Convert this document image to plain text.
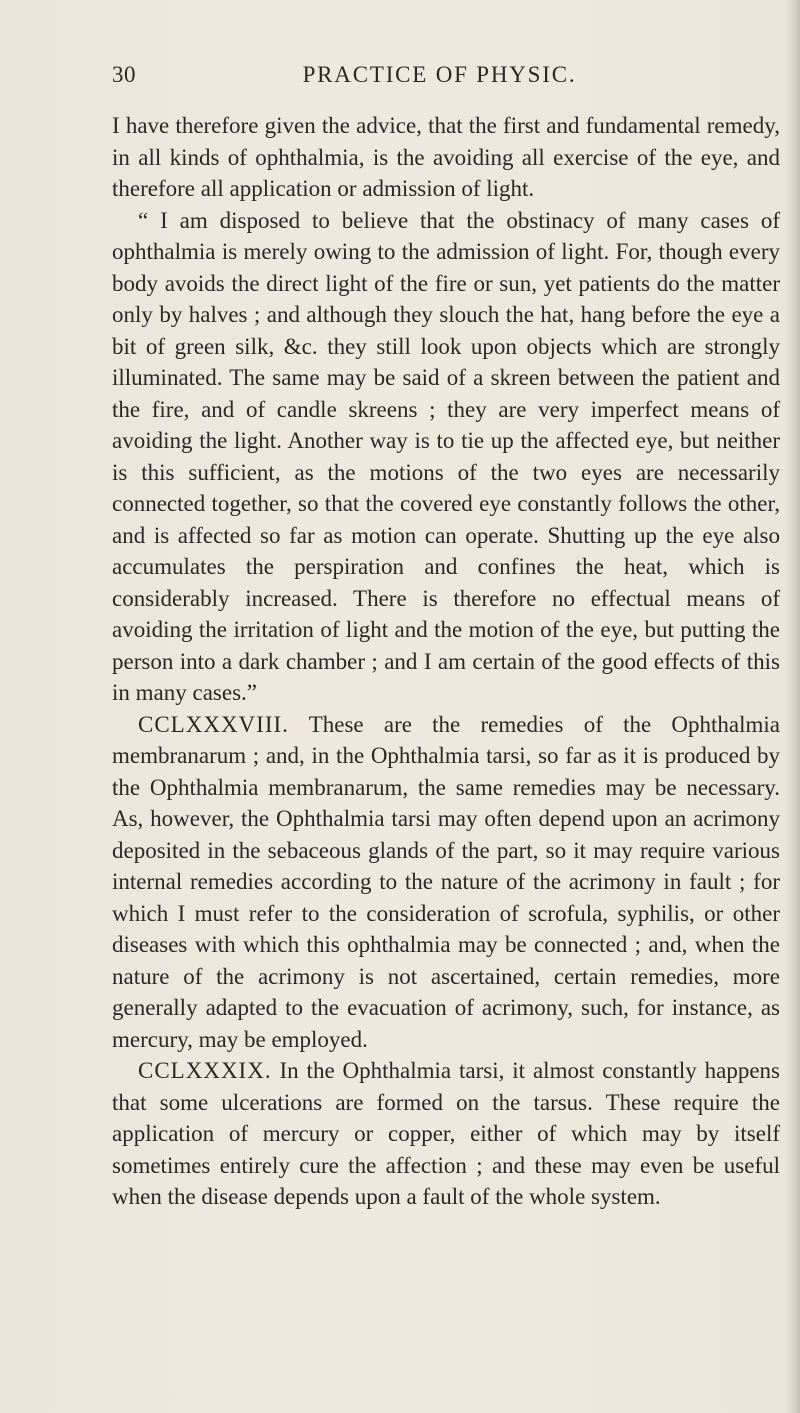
30	PRACTICE OF PHYSIC.

I have therefore given the advice, that the first and fundamental remedy, in all kinds of ophthalmia, is the avoiding all exercise of the eye, and therefore all application or admission of light.

“ I am disposed to believe that the obstinacy of many cases of ophthalmia is merely owing to the admission of light. For, though every body avoids the direct light of the fire or sun, yet patients do the matter only by halves ; and although they slouch the hat, hang before the eye a bit of green silk, &c. they still look upon objects which are strongly illuminated. The same may be said of a skreen between the patient and the fire, and of candle skreens ; they are very imperfect means of avoiding the light. Another way is to tie up the affected eye, but neither is this sufficient, as the motions of the two eyes are necessarily connected together, so that the covered eye constantly follows the other, and is affected so far as motion can operate. Shutting up the eye also accumulates the perspiration and confines the heat, which is considerably increased. There is therefore no effectual means of avoiding the irritation of light and the motion of the eye, but putting the person into a dark chamber ; and I am certain of the good effects of this in many cases.”

CCLXXXVIII. These are the remedies of the Ophthalmia membranarum ; and, in the Ophthalmia tarsi, so far as it is produced by the Ophthalmia membranarum, the same remedies may be necessary. As, however, the Ophthalmia tarsi may often depend upon an acrimony deposited in the sebaceous glands of the part, so it may require various internal remedies according to the nature of the acrimony in fault ; for which I must refer to the consideration of scrofula, syphilis, or other diseases with which this ophthalmia may be connected ; and, when the nature of the acrimony is not ascertained, certain remedies, more generally adapted to the evacuation of acrimony, such, for instance, as mercury, may be employed.

CCLXXXIX. In the Ophthalmia tarsi, it almost constantly happens that some ulcerations are formed on the tarsus. These require the application of mercury or copper, either of which may by itself sometimes entirely cure the affection ; and these may even be useful when the disease depends upon a fault of the whole system.
